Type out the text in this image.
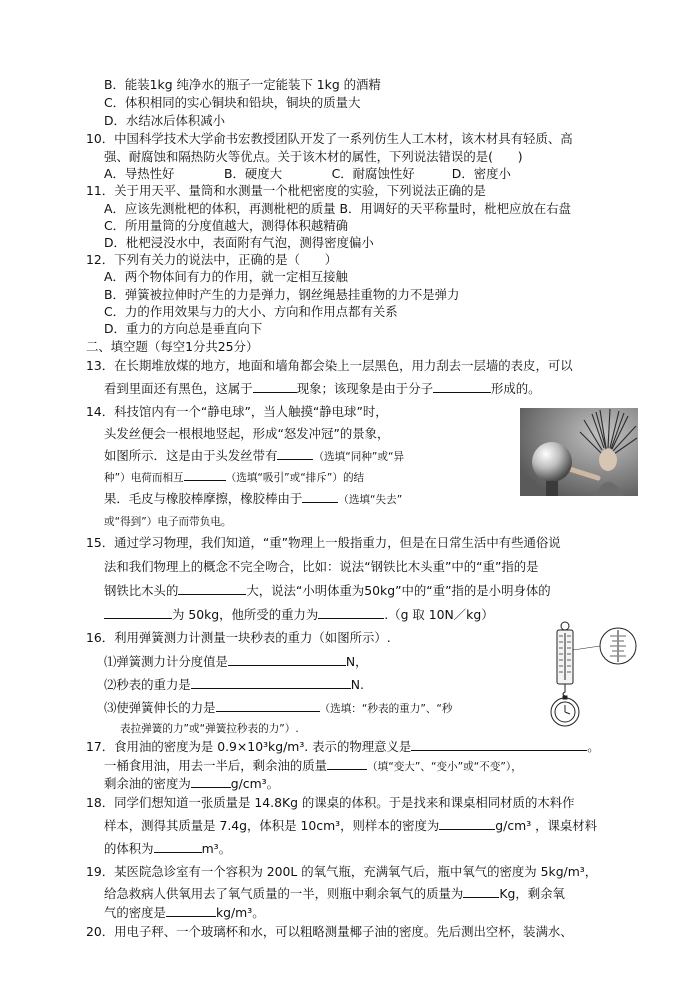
B．能装1kg 纯净水的瓶子一定能装下 1kg 的酒精
C．体积相同的实心铜块和铅块，铜块的质量大
D．水结冰后体积减小
10．中国科学技术大学俞书宏教授团队开发了一系列仿生人工木材，该木材具有轻质、高
强、耐腐蚀和隔热防火等优点。关于该木材的属性，下列说法错误的是(　　)
A．导热性好　　　　B．硬度大　　　　C．耐腐蚀性好　　　D．密度小
11．关于用天平、量筒和水测量一个枇杷密度的实验，下列说法正确的是
A．应该先测枇杷的体积，再测枇杷的质量 B．用调好的天平称量时，枇杷应放在右盘
C．所用量筒的分度值越大，测得体积越精确
D．枇杷浸没水中，表面附有气泡，测得密度偏小
12．下列有关力的说法中，正确的是（　　）
A．两个物体间有力的作用，就一定相互接触
B．弹簧被拉伸时产生的力是弹力，钢丝绳悬挂重物的力不是弹力
C．力的作用效果与力的大小、方向和作用点都有关系
D．重力的方向总是垂直向下
二、填空题（每空1分共25分）
13．在长期堆放煤的地方，地面和墙角都会染上一层黑色，用力刮去一层墙的表皮，可以
看到里面还有黑色，这属于	现象；该现象是由于分子	形成的。
14．科技馆内有一个“静电球”，当人触摸“静电球”时，
头发丝便会一根根地竖起，形成“怒发冲冠”的景象，
如图所示．这是由于头发丝带有	（选填“同种”或“异
种”）电荷而相互	（选填“吸引”或“排斥”）的结
果．毛皮与橡胶棒摩擦，橡胶棒由于	（选填“失去”
或“得到”）电子而带负电。
15．通过学习物理，我们知道，“重”物理上一般指重力，但是在日常生活中有些通俗说
法和我们物理上的概念不完全吻合，比如：说法“钢铁比木头重”中的“重”指的是
钢铁比木头的	大，说法“小明体重为50kg”中的“重”指的是小明身体的
为 50kg，他所受的重力为	.（g 取 10N／kg）
16．利用弹簧测力计测量一块秒表的重力（如图所示）.
⑴弹簧测力计分度值是	N，
⑵秒表的重力是	N.
⑶使弹簧伸长的力是	（选填：“秒表的重力”、“秒
表拉弹簧的力”或“弹簧拉秒表的力”）.
17．食用油的密度为是 0.9×10³kg/m³. 表示的物理意义是	。
一桶食用油，用去一半后，剩余油的质量	（填“变大”、“变小”或“不变”），
剩余油的密度为	g/cm³。
18．同学们想知道一张质量是 14.8Kg 的课桌的体积。于是找来和课桌相同材质的木料作
样本，测得其质量是 7.4g，体积是 10cm³，则样本的密度为	g/cm³ ，课桌材料
的体积为	m³。
19．某医院急诊室有一个容积为 200L 的氧气瓶，充满氧气后，瓶中氧气的密度为 5kg/m³，
给急救病人供氧用去了氧气质量的一半，则瓶中剩余氧气的质量为	Kg，剩余氧
气的密度是	kg/m³。
20．用电子秤、一个玻璃杯和水，可以粗略测量椰子油的密度。先后测出空杯，装满水、
